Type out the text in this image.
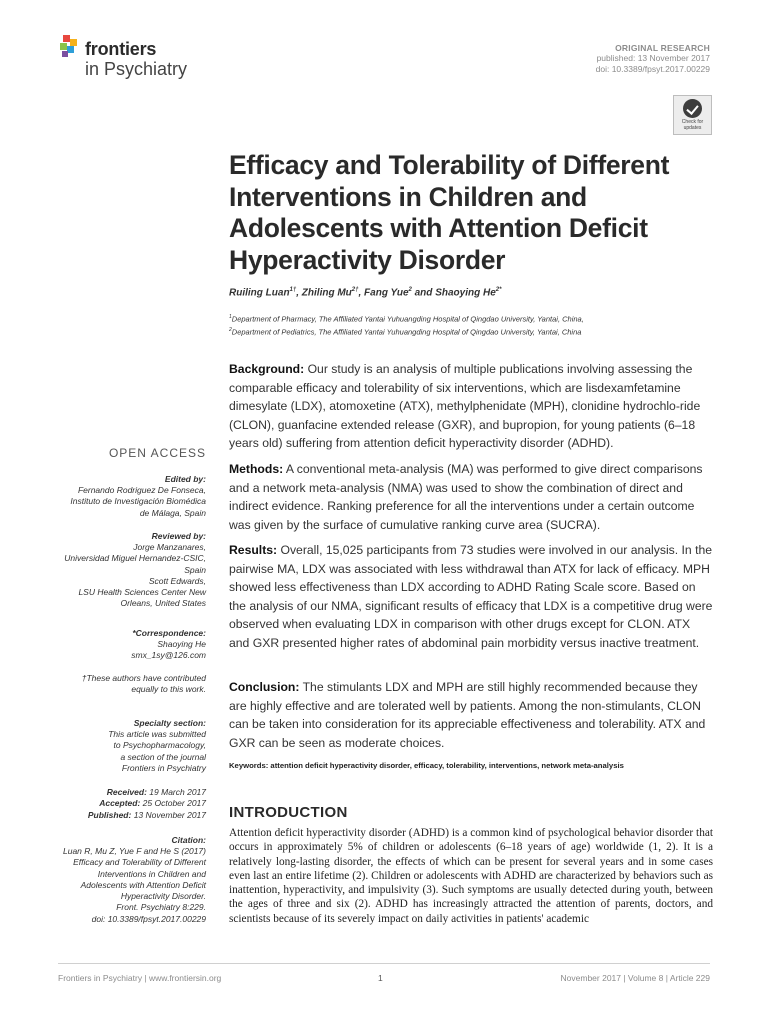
frontiers
in Psychiatry
ORIGINAL RESEARCH
published: 13 November 2017
doi: 10.3389/fpsyt.2017.00229
Check for updates
Efficacy and Tolerability of Different Interventions in Children and Adolescents with Attention Deficit Hyperactivity Disorder
Ruiling Luan$^{1\dagger}$, Zhiling $Mu^{2\dagger}$, Fang Yue$^2$ and Shaoying $He^{2*}$
$^1$Department of Pharmacy, The Affiliated Yantai Yuhuangding Hospital of Qingdao University, Yantai, China,
$^2$Department of Pediatrics, The Affiliated Yantai Yuhuangding Hospital of Qingdao University, Yantai, China

Background: Our study is an analysis of multiple publications involving assessing the comparable efficacy and tolerability of six interventions, which are lisdexamfetamine dimesylate (LDX), atomoxetine (ATX), methylphenidate (MPH), clonidine hydrochlo-ride (CLON), guanfacine extended release (GXR), and bupropion, for young patients (6–18 years old) suffering from attention deficit hyperactivity disorder (ADHD).

Methods: A conventional meta-analysis (MA) was performed to give direct comparisons and a network meta-analysis (NMA) was used to show the combination of direct and indirect evidence. Ranking preference for all the interventions under a certain outcome was given by the surface of cumulative ranking curve area (SUCRA).

Results: Overall, 15,025 participants from 73 studies were involved in our analysis. In the pairwise MA, LDX was associated with less withdrawal than ATX for lack of efficacy. MPH showed less effectiveness than LDX according to ADHD Rating Scale score. Based on the analysis of our NMA, significant results of efficacy that LDX is a competitive drug were observed when evaluating LDX in comparison with other drugs except for CLON. ATX and GXR presented higher rates of abdominal pain morbidity versus inactive treatment.

Conclusion: The stimulants LDX and MPH are still highly recommended because they are highly effective and are tolerated well by patients. Among the non-stimulants, CLON can be taken into consideration for its appreciable effectiveness and tolerability. ATX and GXR can be seen as moderate choices.

Keywords: attention deficit hyperactivity disorder, efficacy, tolerability, interventions, network meta-analysis
INTRODUCTION

Attention deficit hyperactivity disorder (ADHD) is a common kind of psychological behavior disorder that occurs in approximately 5% of children or adolescents (6–18 years of age) worldwide (1, 2). It is a relatively long-lasting disorder, the effects of which can be present for several years and in some cases even last an entire lifetime (2). Children or adolescents with ADHD are characterized by behaviors such as inattention, hyperactivity, and impulsivity (3). Such symptoms are usually detected during youth, between the ages of three and six (2). ADHD has increasingly attracted the attention of parents, doctors, and scientists because of its severely impact on daily activities in patients' academic

OPEN ACCESS
Edited by:
Fernando Rodriguez De Fonseca,
Instituto de Investigación Biomédica
de Málaga, Spain
Reviewed by:
Jorge Manzanares,
Universidad Miguel Hernandez-CSIC,
Spain
Scott Edwards,
LSU Health Sciences Center New
Orleans, United States
*Correspondence:
Shaoying He
smx_1sy@126.com
†These authors have contributed
equally to this work.
Specialty section:
This article was submitted
to Psychopharmacology,
a section of the journal
Frontiers in Psychiatry
Received: 19 March 2017
Accepted: 25 October 2017
Published: 13 November 2017
Citation:
Luan R, Mu Z, Yue F and He S (2017)
Efficacy and Tolerability of Different
Interventions in Children and
Adolescents with Attention Deficit
Hyperactivity Disorder.
Front. Psychiatry 8:229.
doi: 10.3389/fpsyt.2017.00229
Frontiers in Psychiatry | www.frontiersin.org	1	November 2017 | Volume 8 | Article 229
